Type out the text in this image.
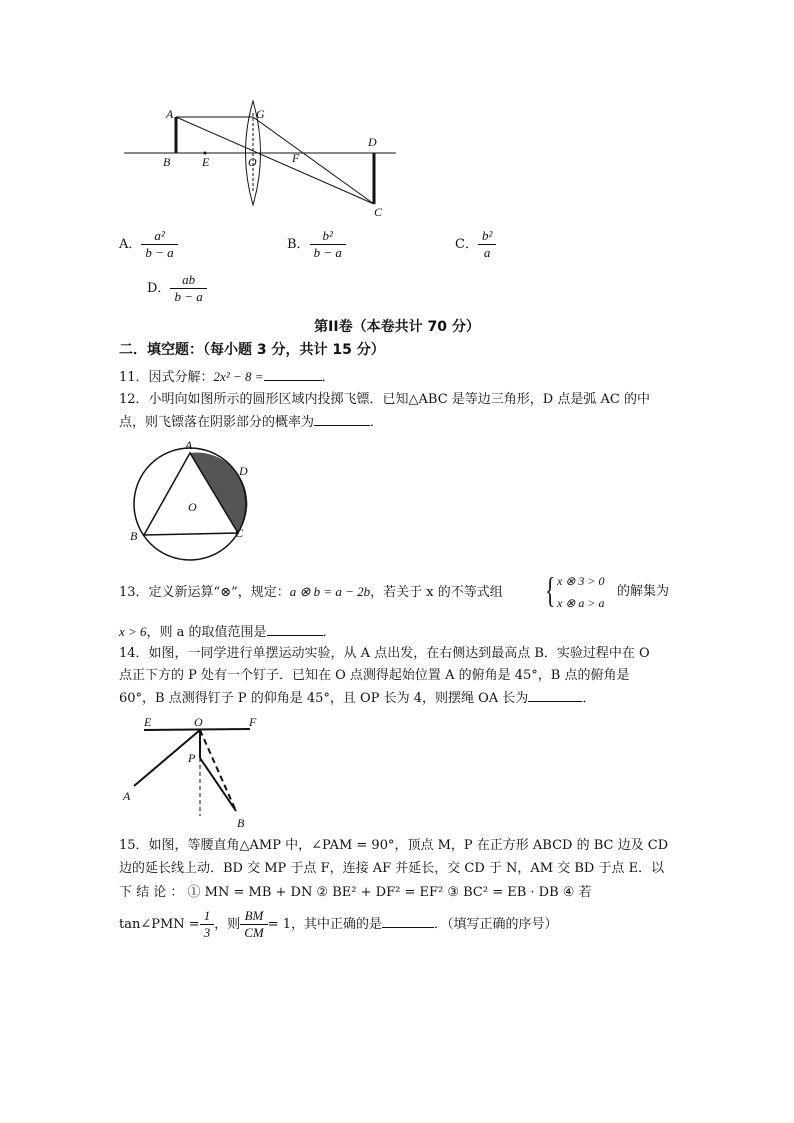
A	G
D
B	E	O	F
C
A． $\frac{\text{a²}}{b - a}$	B． $\frac{\text{b²}}{b - a}$	C． $\frac{\text{b²}}{a}$
D． $\frac{ab}{b - a}$
第II卷（本卷共计 70 分）
二．填空题：（每小题 3 分，共计 15 分）
11．因式分解：2x² − 8 =	．
12．小明向如图所示的圆形区域内投掷飞镖．已知△ABC 是等边三角形，D 点是弧 AC 的中
点，则飞镖落在阴影部分的概率为	．
A
D
O
B	C
13．定义新运算“⊗”，规定：a ⊗ b = a − 2b，若关于 x 的不等式组 { x ⊗ 3 > 0
x ⊗ a > a
的解集为
x > 6，则 a 的取值范围是	．
14．如图，一同学进行单摆运动实验，从 A 点出发，在右侧达到最高点 B．实验过程中在 O
点正下方的 P 处有一个钉子．已知在 O 点测得起始位置 A 的俯角是 45°，B 点的俯角是
60°，B 点测得钉子 P 的仰角是 45°，且 OP 长为 4，则摆绳 OA 长为	．
E	O	F
P
A
B
15．如图，等腰直角△AMP 中，∠PAM = 90°，顶点 M，P 在正方形 ABCD 的 BC 边及 CD
边的延长线上动．BD 交 MP 于点 F，连接 AF 并延长，交 CD 于 N，AM 交 BD 于点 E．以
下 结 论 ： ① MN = MB + DN ② BE² + DF² = EF² ③ BC² = EB · DB ④ 若
tan∠PMN = $\frac{1}{3}$ ，则 $\frac{BM}{CM} = 1$，其中正确的是	．（填写正确的序号）
